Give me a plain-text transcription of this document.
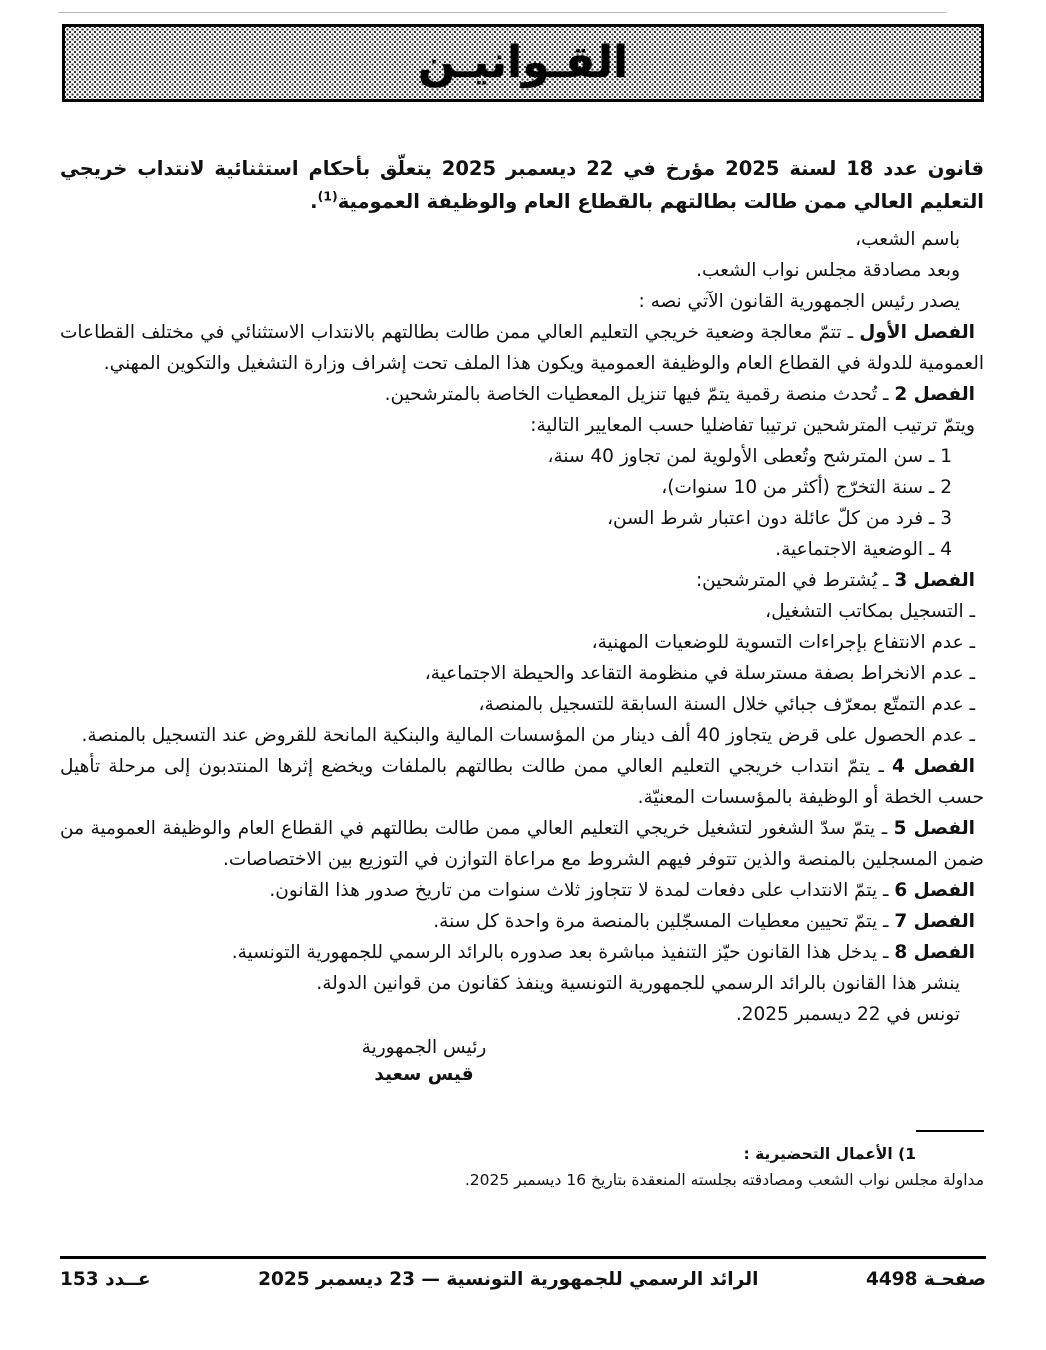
القـوانيـن

قانون عدد 18 لسنة 2025 مؤرخ في 22 ديسمبر 2025 يتعلّق بأحكام استثنائية لانتداب خريجي التعليم العالي ممن طالت بطالتهم بالقطاع العام والوظيفة العمومية$^{(1)}$.

باسم الشعب،

وبعد مصادقة مجلس نواب الشعب.

يصدر رئيس الجمهورية القانون الآتي نصه :

الفصل الأول ـ تتمّ معالجة وضعية خريجي التعليم العالي ممن طالت بطالتهم بالانتداب الاستثنائي في مختلف القطاعات العمومية للدولة في القطاع العام والوظيفة العمومية ويكون هذا الملف تحت إشراف وزارة التشغيل والتكوين المهني.

الفصل 2 ـ تُحدث منصة رقمية يتمّ فيها تنزيل المعطيات الخاصة بالمترشحين.

ويتمّ ترتيب المترشحين ترتيبا تفاضليا حسب المعايير التالية:

1 ـ سن المترشح وتُعطى الأولوية لمن تجاوز 40 سنة،

2 ـ سنة التخرّج (أكثر من 10 سنوات)،

3 ـ فرد من كلّ عائلة دون اعتبار شرط السن،

4 ـ الوضعية الاجتماعية.

الفصل 3 ـ يُشترط في المترشحين:

ـ التسجيل بمكاتب التشغيل،

ـ عدم الانتفاع بإجراءات التسوية للوضعيات المهنية،

ـ عدم الانخراط بصفة مسترسلة في منظومة التقاعد والحيطة الاجتماعية،

ـ عدم التمتّع بمعرّف جبائي خلال السنة السابقة للتسجيل بالمنصة،

ـ عدم الحصول على قرض يتجاوز 40 ألف دينار من المؤسسات المالية والبنكية المانحة للقروض عند التسجيل بالمنصة.

الفصل 4 ـ يتمّ انتداب خريجي التعليم العالي ممن طالت بطالتهم بالملفات ويخضع إثرها المنتدبون إلى مرحلة تأهيل حسب الخطة أو الوظيفة بالمؤسسات المعنيّة.

الفصل 5 ـ يتمّ سدّ الشغور لتشغيل خريجي التعليم العالي ممن طالت بطالتهم في القطاع العام والوظيفة العمومية من ضمن المسجلين بالمنصة والذين تتوفر فيهم الشروط مع مراعاة التوازن في التوزيع بين الاختصاصات.

الفصل 6 ـ يتمّ الانتداب على دفعات لمدة لا تتجاوز ثلاث سنوات من تاريخ صدور هذا القانون.

الفصل 7 ـ يتمّ تحيين معطيات المسجّلين بالمنصة مرة واحدة كل سنة.

الفصل 8 ـ يدخل هذا القانون حيّز التنفيذ مباشرة بعد صدوره بالرائد الرسمي للجمهورية التونسية.

ينشر هذا القانون بالرائد الرسمي للجمهورية التونسية وينفذ كقانون من قوانين الدولة.

تونس في 22 ديسمبر 2025.

رئيس الجمهورية
قيس سعيد

1) الأعمال التحضيرية :

مداولة مجلس نواب الشعب ومصادقته بجلسته المنعقدة بتاريخ 16 ديسمبر 2025.

صفحـة 4498
الرائد الرسمي للجمهورية التونسية — 23 ديسمبر 2025
عــدد 153
